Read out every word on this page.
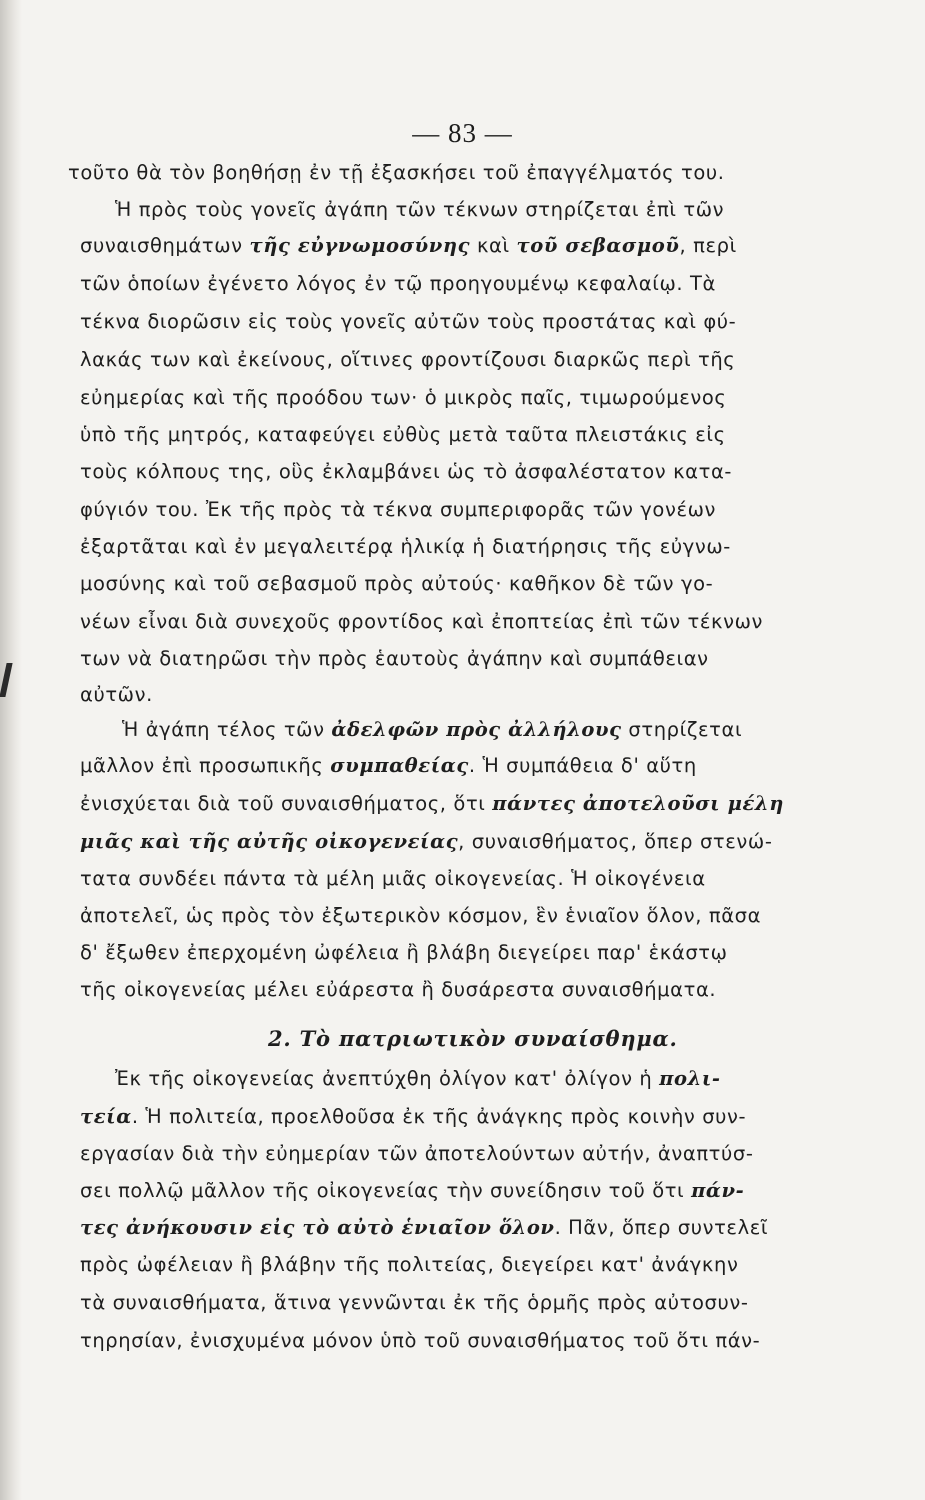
— 83 —
τοῦτο θὰ τὸν βοηθήσῃ ἐν τῇ ἐξασκήσει τοῦ ἐπαγγέλματός του.
Ἡ πρὸς τοὺς γονεῖς ἀγάπη τῶν τέκνων στηρίζεται ἐπὶ τῶν
συναισθημάτων τῆς εὐγνωμοσύνης καὶ τοῦ σεβασμοῦ, περὶ
τῶν ὁποίων ἐγένετο λόγος ἐν τῷ προηγουμένῳ κεφαλαίῳ. Τὰ
τέκνα διορῶσιν εἰς τοὺς γονεῖς αὐτῶν τοὺς προστάτας καὶ φύ-
λακάς των καὶ ἐκείνους, οἵτινες φροντίζουσι διαρκῶς περὶ τῆς
εὐημερίας καὶ τῆς προόδου των· ὁ μικρὸς παῖς, τιμωρούμενος
ὑπὸ τῆς μητρός, καταφεύγει εὐθὺς μετὰ ταῦτα πλειστάκις εἰς
τοὺς κόλπους της, οὓς ἐκλαμβάνει ὡς τὸ ἀσφαλέστατον κατα-
φύγιόν του. Ἐκ τῆς πρὸς τὰ τέκνα συμπεριφορᾶς τῶν γονέων
ἐξαρτᾶται καὶ ἐν μεγαλειτέρᾳ ἡλικίᾳ ἡ διατήρησις τῆς εὐγνω-
μοσύνης καὶ τοῦ σεβασμοῦ πρὸς αὐτούς· καθῆκον δὲ τῶν γο-
νέων εἶναι διὰ συνεχοῦς φροντίδος καὶ ἐποπτείας ἐπὶ τῶν τέκνων
των νὰ διατηρῶσι τὴν πρὸς ἑαυτοὺς ἀγάπην καὶ συμπάθειαν
αὐτῶν.
Ἡ ἀγάπη τέλος τῶν ἀδελφῶν πρὸς ἀλλήλους στηρίζεται
μᾶλλον ἐπὶ προσωπικῆς συμπαθείας. Ἡ συμπάθεια δ' αὕτη
ἐνισχύεται διὰ τοῦ συναισθήματος, ὅτι πάντες ἀποτελοῦσι μέλη
μιᾶς καὶ τῆς αὐτῆς οἰκογενείας, συναισθήματος, ὅπερ στενώ-
τατα συνδέει πάντα τὰ μέλη μιᾶς οἰκογενείας. Ἡ οἰκογένεια
ἀποτελεῖ, ὡς πρὸς τὸν ἐξωτερικὸν κόσμον, ἓν ἑνιαῖον ὅλον, πᾶσα
δ' ἔξωθεν ἐπερχομένη ὠφέλεια ἢ βλάβη διεγείρει παρ' ἑκάστῳ
τῆς οἰκογενείας μέλει εὐάρεστα ἢ δυσάρεστα συναισθήματα.
2. Τὸ πατριωτικὸν συναίσθημα.
Ἐκ τῆς οἰκογενείας ἀνεπτύχθη ὀλίγον κατ' ὀλίγον ἡ πολι-
τεία. Ἡ πολιτεία, προελθοῦσα ἐκ τῆς ἀνάγκης πρὸς κοινὴν συν-
εργασίαν διὰ τὴν εὐημερίαν τῶν ἀποτελούντων αὐτήν, ἀναπτύσ-
σει πολλῷ μᾶλλον τῆς οἰκογενείας τὴν συνείδησιν τοῦ ὅτι πάν-
τες ἀνήκουσιν εἰς τὸ αὐτὸ ἑνιαῖον ὅλον. Πᾶν, ὅπερ συντελεῖ
πρὸς ὠφέλειαν ἢ βλάβην τῆς πολιτείας, διεγείρει κατ' ἀνάγκην
τὰ συναισθήματα, ἅτινα γεννῶνται ἐκ τῆς ὁρμῆς πρὸς αὐτοσυν-
τηρησίαν, ἐνισχυμένα μόνον ὑπὸ τοῦ συναισθήματος τοῦ ὅτι πάν-
